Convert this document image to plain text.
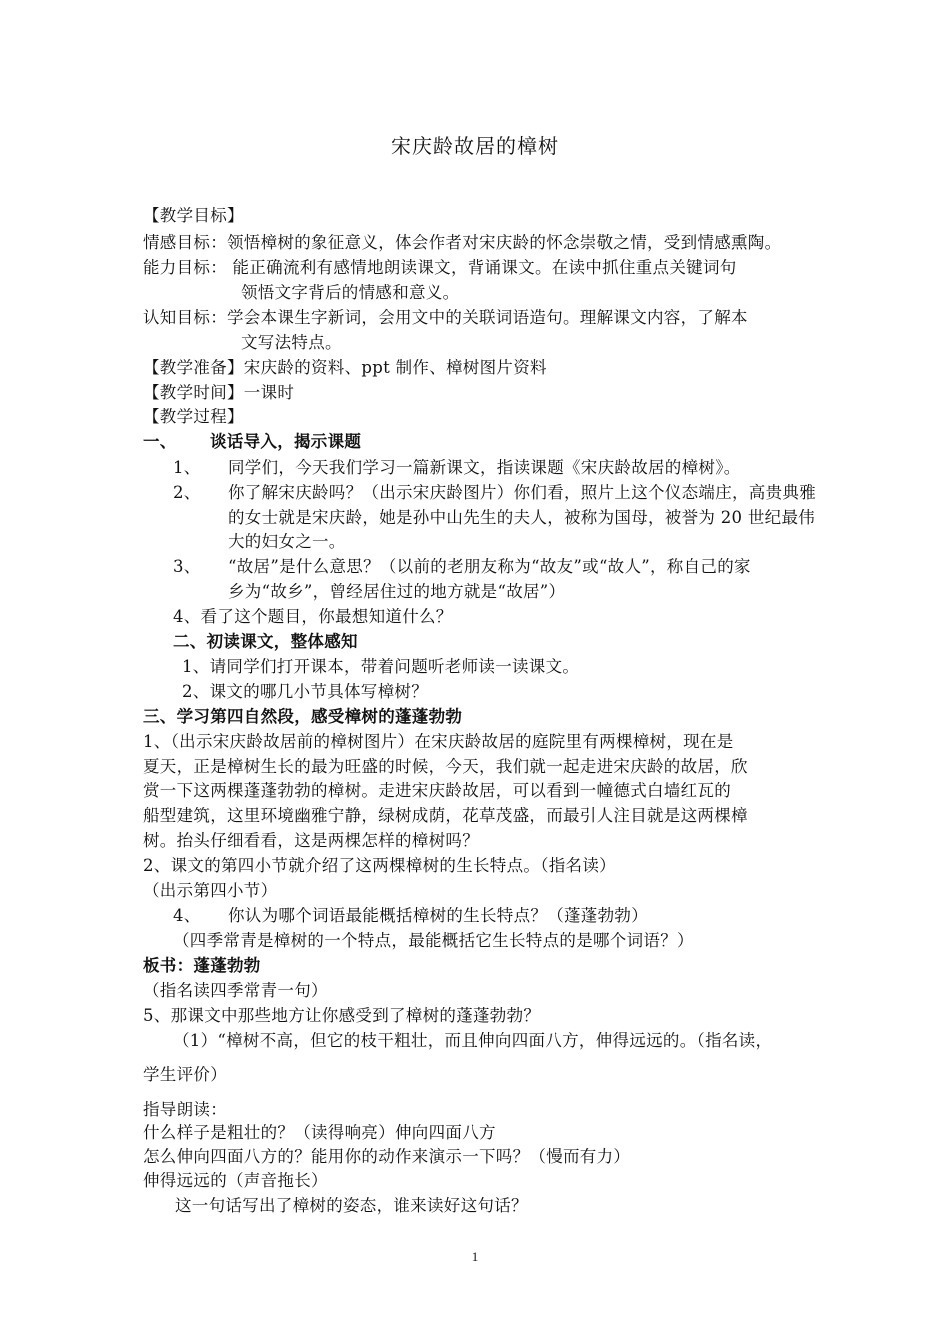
宋庆龄故居的樟树
【教学目标】
情感目标：领悟樟树的象征意义，体会作者对宋庆龄的怀念崇敬之情，受到情感熏陶。
能力目标： 能正确流利有感情地朗读课文，背诵课文。在读中抓住重点关键词句
领悟文字背后的情感和意义。
认知目标：学会本课生字新词，会用文中的关联词语造句。理解课文内容，了解本
文写法特点。
【教学准备】宋庆龄的资料、ppt 制作、樟树图片资料
【教学时间】一课时
【教学过程】
一、 谈话导入，揭示课题
1、 同学们，今天我们学习一篇新课文，指读课题《宋庆龄故居的樟树》。
2、 你了解宋庆龄吗？（出示宋庆龄图片）你们看，照片上这个仪态端庄，高贵典雅
的女士就是宋庆龄，她是孙中山先生的夫人，被称为国母，被誉为 20 世纪最伟
大的妇女之一。
3、 “故居”是什么意思？（以前的老朋友称为“故友”或“故人”，称自己的家
乡为“故乡”，曾经居住过的地方就是“故居”）
4、看了这个题目，你最想知道什么？
二、初读课文，整体感知
1、请同学们打开课本，带着问题听老师读一读课文。
2、课文的哪几小节具体写樟树？
三、学习第四自然段，感受樟树的蓬蓬勃勃
1、（出示宋庆龄故居前的樟树图片）在宋庆龄故居的庭院里有两棵樟树，现在是
夏天，正是樟树生长的最为旺盛的时候，今天，我们就一起走进宋庆龄的故居，欣
赏一下这两棵蓬蓬勃勃的樟树。走进宋庆龄故居，可以看到一幢德式白墙红瓦的
船型建筑，这里环境幽雅宁静，绿树成荫，花草茂盛，而最引人注目就是这两棵樟
树。抬头仔细看看，这是两棵怎样的樟树吗？
2、课文的第四小节就介绍了这两棵樟树的生长特点。（指名读）
（出示第四小节）
4、 你认为哪个词语最能概括樟树的生长特点？（蓬蓬勃勃）
（四季常青是樟树的一个特点，最能概括它生长特点的是哪个词语？）
板书：蓬蓬勃勃
（指名读四季常青一句）
5、那课文中那些地方让你感受到了樟树的蓬蓬勃勃？
（1）“樟树不高，但它的枝干粗壮，而且伸向四面八方，伸得远远的。（指名读，
学生评价）
指导朗读：
什么样子是粗壮的？（读得响亮）伸向四面八方
怎么伸向四面八方的？能用你的动作来演示一下吗？（慢而有力）
伸得远远的（声音拖长）
这一句话写出了樟树的姿态，谁来读好这句话？
1
